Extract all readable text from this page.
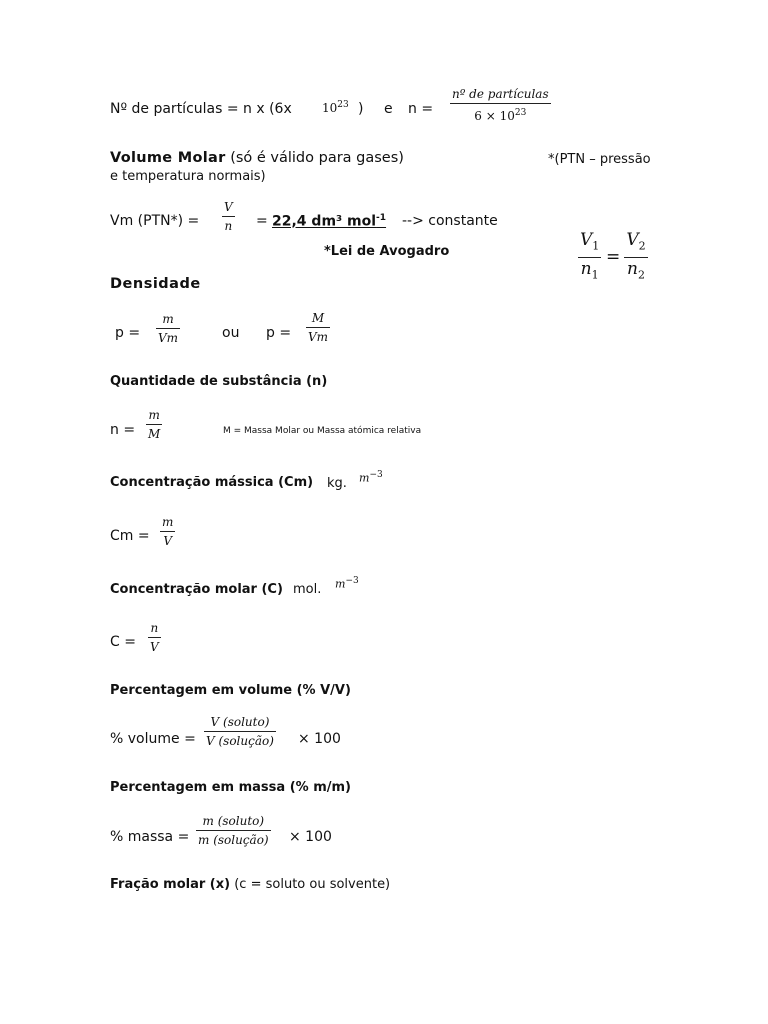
Nº de partículas = n x (6x	$10^{23}$ ) e n =
nº de partículas
$6 \times 10^{23}$
Volume Molar (só é válido para gases)	*(PTN – pressão
e temperatura normais)
Vm (PTN*) =
V
n = 22,4 dm³ mol$^{-1}$ --> constante
*Lei de Avogadro
$V_1$
$n_1$
=
$V_2$
$n_2$
Densidade
p =
m
Vm	ou p =
M
Vm
Quantidade de substância (n)
n =
m
M	M = Massa Molar ou Massa atómica relativa
Concentração mássica (Cm) kg. $m^{-3}$
Cm =
m
V
Concentração molar (C) mol. $m^{-3}$
C =
n
V
Percentagem em volume (% V/V)
% volume =
V (soluto)
V (solução) × 100
Percentagem em massa (% m/m)
% massa =
m (soluto)
m (solução) × 100
Fração molar (x) (c = soluto ou solvente)
